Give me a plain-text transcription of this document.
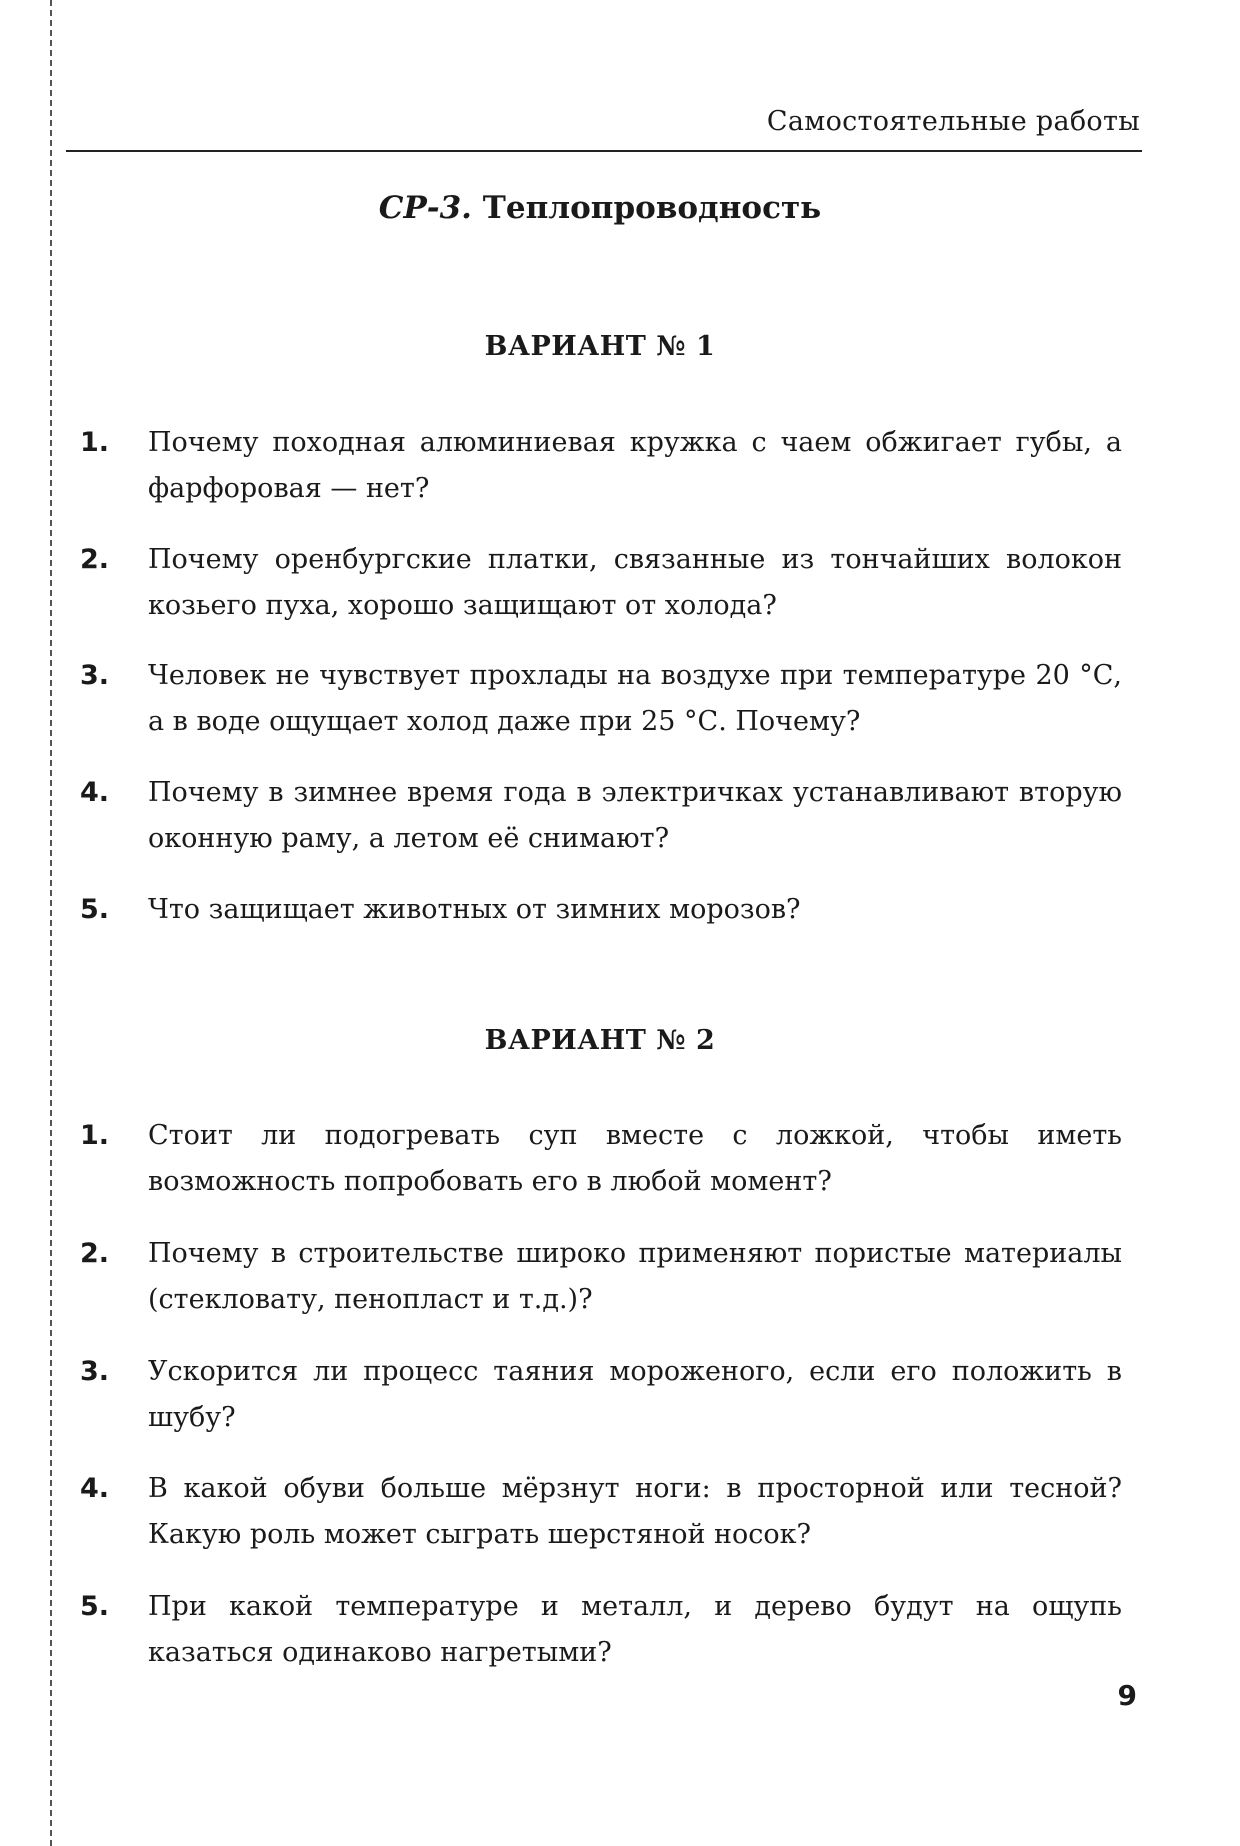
Самостоятельные работы
СР-3. Теплопроводность
ВАРИАНТ № 1
1. Почему походная алюминиевая кружка с чаем обжигает губы, а фарфоровая — нет?
2. Почему оренбургские платки, связанные из тончайших волокон козьего пуха, хорошо защищают от холода?
3. Человек не чувствует прохлады на воздухе при температуре 20 °С, а в воде ощущает холод даже при 25 °С. Почему?
4. Почему в зимнее время года в электричках устанавливают вторую оконную раму, а летом её снимают?
5. Что защищает животных от зимних морозов?
ВАРИАНТ № 2
1. Стоит ли подогревать суп вместе с ложкой, чтобы иметь возможность попробовать его в любой момент?
2. Почему в строительстве широко применяют пористые материалы (стекловату, пенопласт и т.д.)?
3. Ускорится ли процесс таяния мороженого, если его положить в шубу?
4. В какой обуви больше мёрзнут ноги: в просторной или тесной? Какую роль может сыграть шерстяной носок?
5. При какой температуре и металл, и дерево будут на ощупь казаться одинаково нагретыми?
9
